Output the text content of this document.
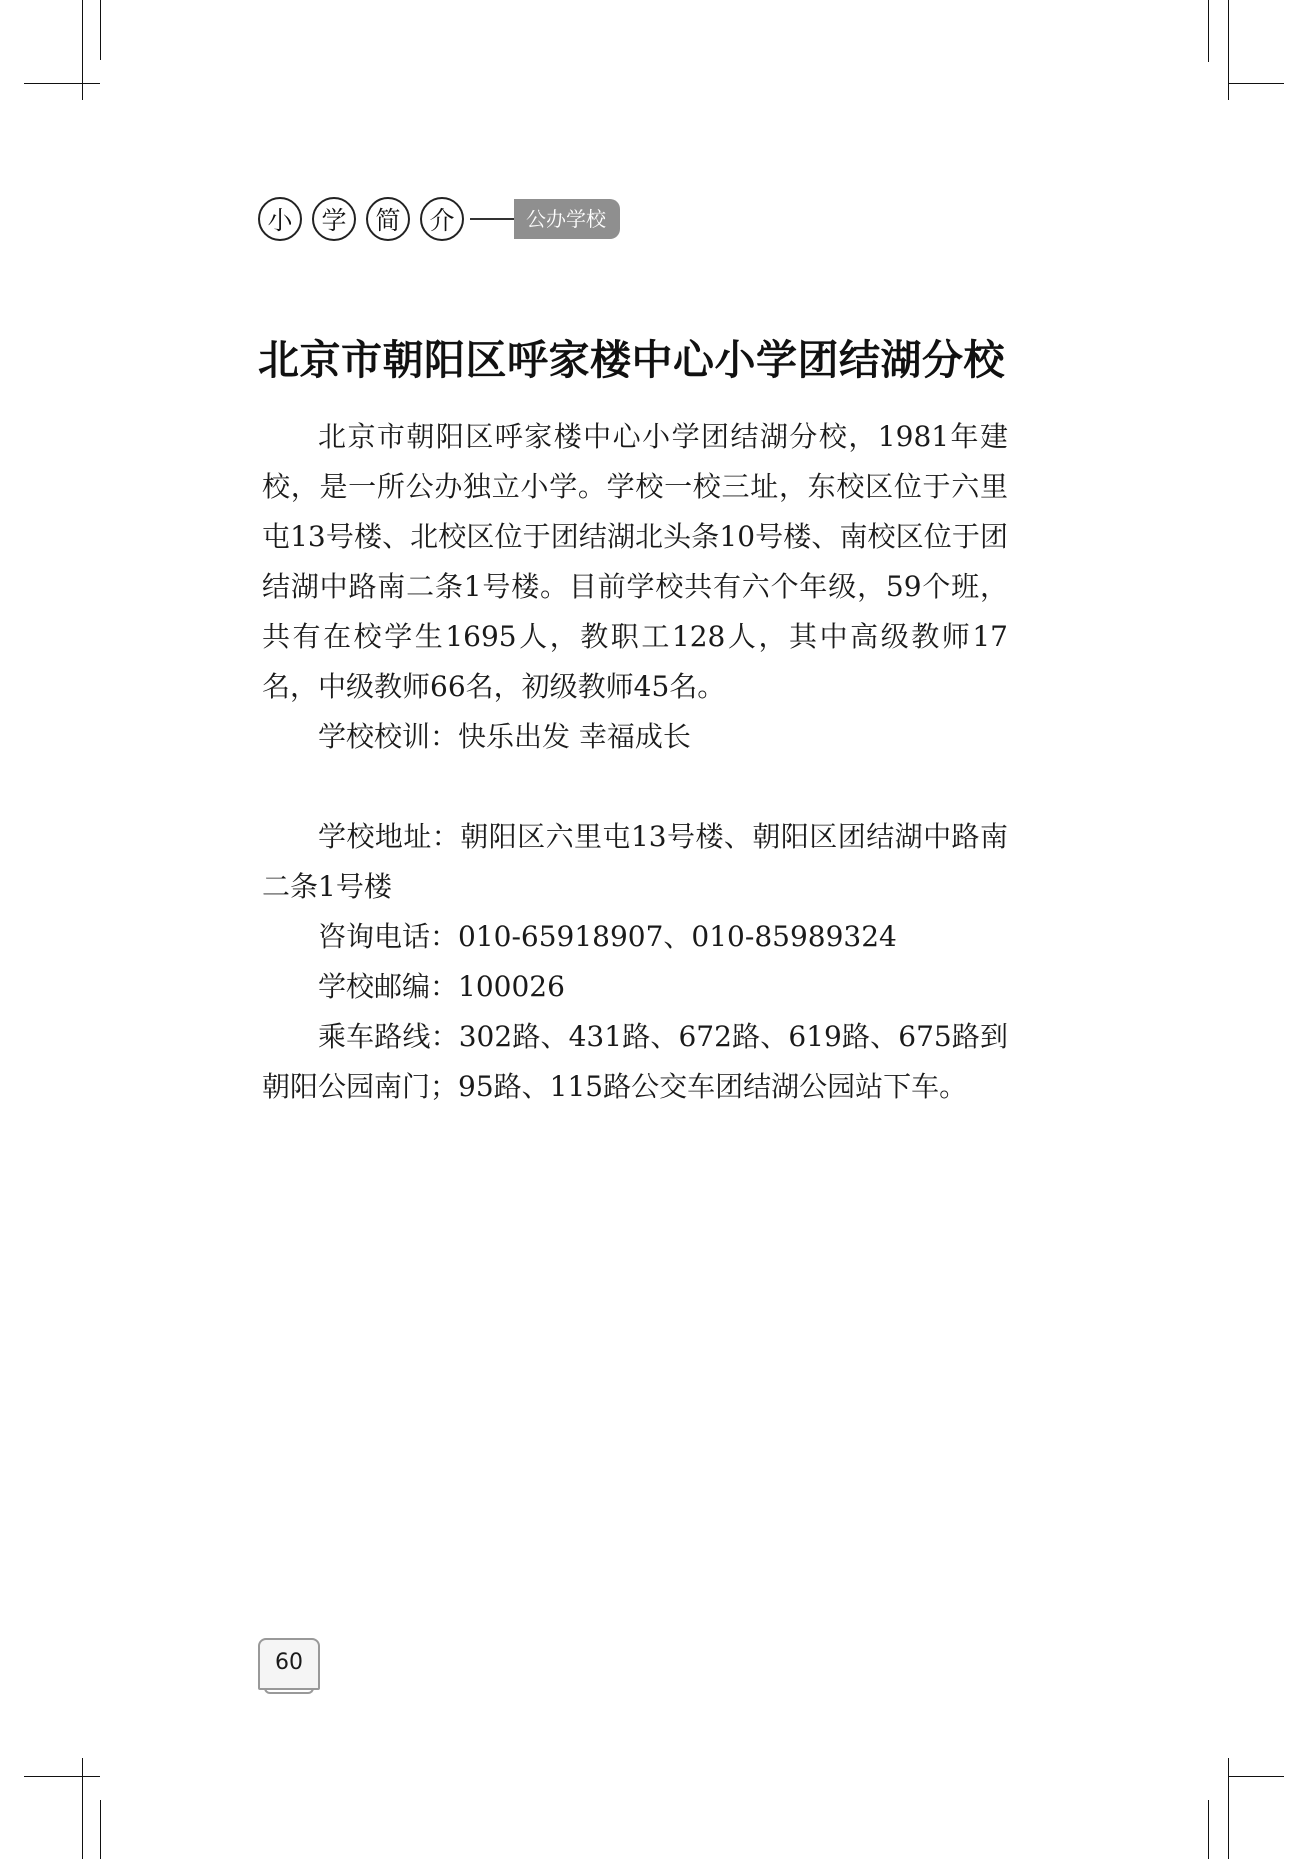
小	学	简	介	公办学校
北京市朝阳区呼家楼中心小学团结湖分校

北京市朝阳区呼家楼中心小学团结湖分校，1981年建校，是一所公办独立小学。学校一校三址，东校区位于六里屯13号楼、北校区位于团结湖北头条10号楼、南校区位于团结湖中路南二条1号楼。目前学校共有六个年级，59个班，共有在校学生1695人，教职工128人，其中高级教师17名，中级教师66名，初级教师45名。

学校校训：快乐出发 幸福成长

学校地址：朝阳区六里屯13号楼、朝阳区团结湖中路南二条1号楼

咨询电话：010-65918907、010-85989324

学校邮编：100026

乘车路线：302路、431路、672路、619路、675路到朝阳公园南门；95路、115路公交车团结湖公园站下车。

60
